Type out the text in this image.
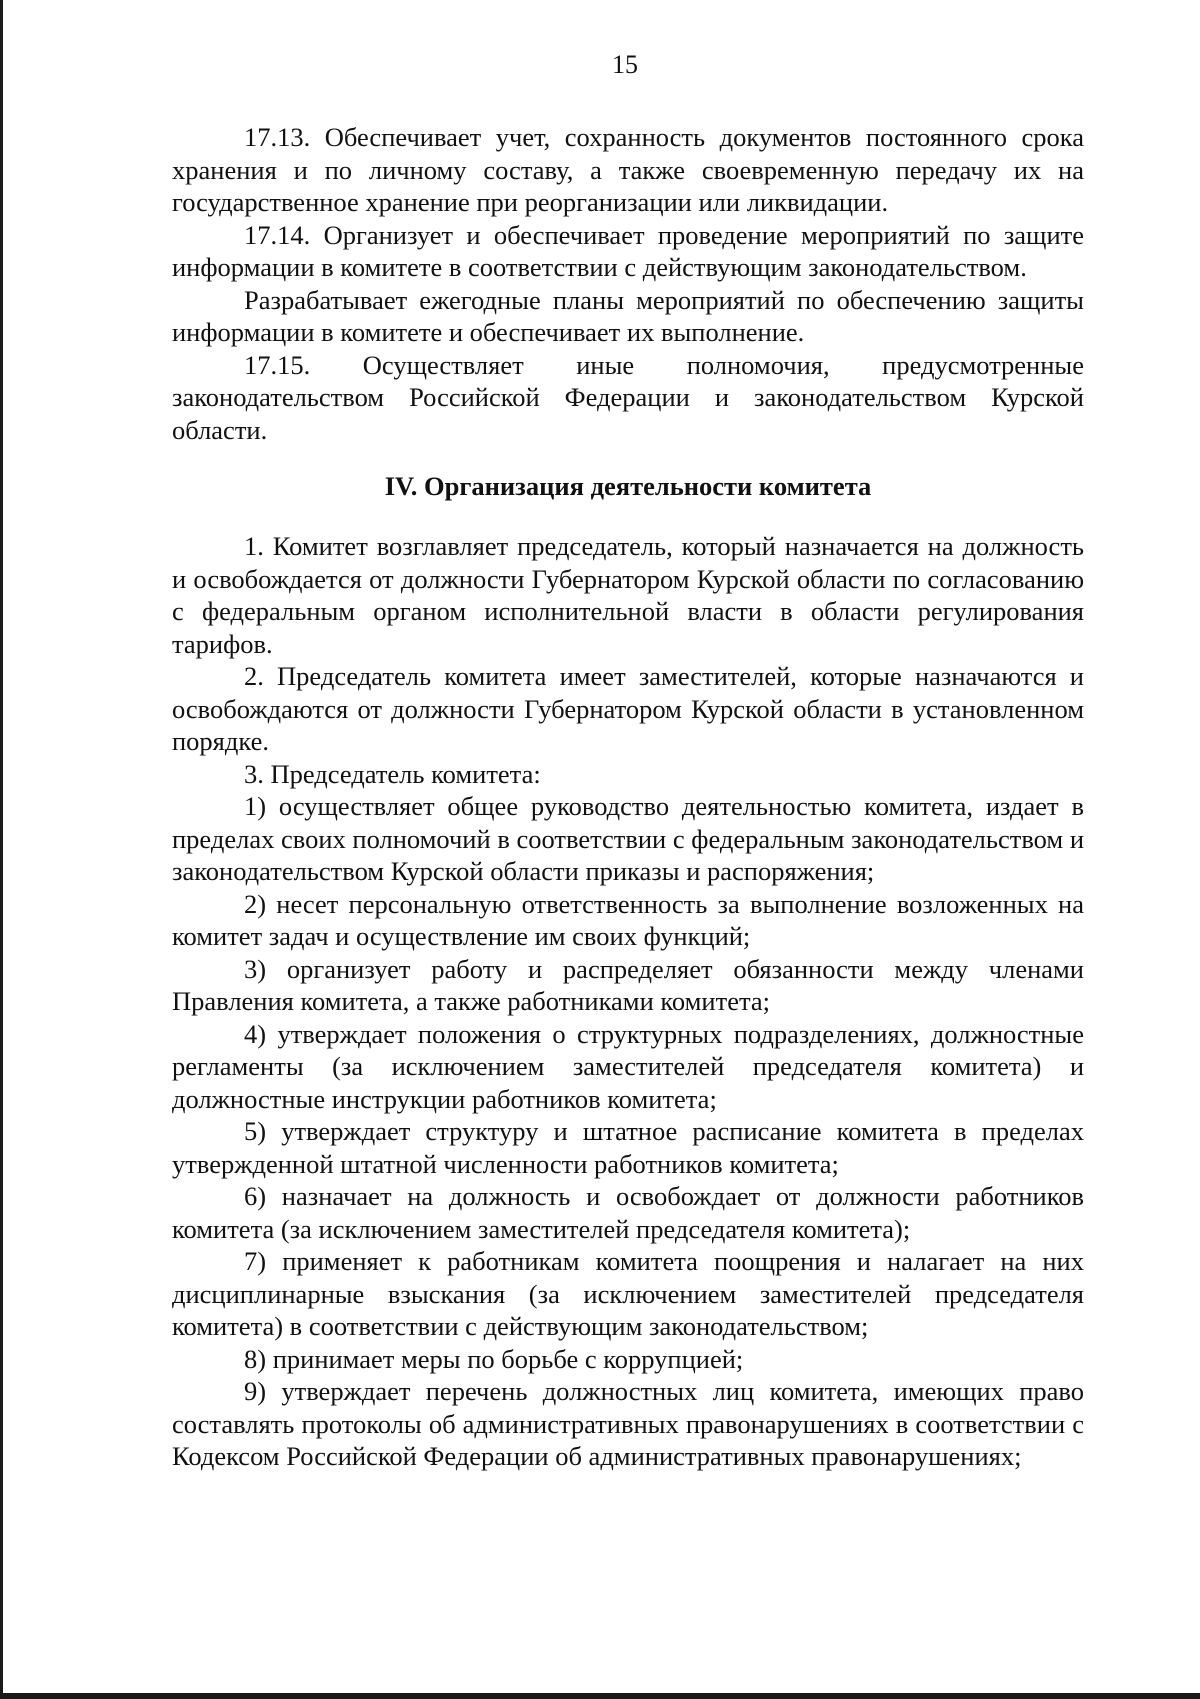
15

17.13. Обеспечивает учет, сохранность документов постоянного срока хранения и по личному составу, а также своевременную передачу их на государственное хранение при реорганизации или ликвидации.

17.14. Организует и обеспечивает проведение мероприятий по защите информации в комитете в соответствии с действующим законодательством.

Разрабатывает ежегодные планы мероприятий по обеспечению защиты информации в комитете и обеспечивает их выполнение.

17.15. Осуществляет иные полномочия, предусмотренные законодательством Российской Федерации и законодательством Курской области.

IV. Организация деятельности комитета

1. Комитет возглавляет председатель, который назначается на должность и освобождается от должности Губернатором Курской области по согласованию с федеральным органом исполнительной власти в области регулирования тарифов.

2. Председатель комитета имеет заместителей, которые назначаются и освобождаются от должности Губернатором Курской области в установленном порядке.

3. Председатель комитета:

1) осуществляет общее руководство деятельностью комитета, издает в пределах своих полномочий в соответствии с федеральным законодательством и законодательством Курской области приказы и распоряжения;

2) несет персональную ответственность за выполнение возложенных на комитет задач и осуществление им своих функций;

3) организует работу и распределяет обязанности между членами Правления комитета, а также работниками комитета;

4) утверждает положения о структурных подразделениях, должностные регламенты (за исключением заместителей председателя комитета) и должностные инструкции работников комитета;

5) утверждает структуру и штатное расписание комитета в пределах утвержденной штатной численности работников комитета;

6) назначает на должность и освобождает от должности работников комитета (за исключением заместителей председателя комитета);

7) применяет к работникам комитета поощрения и налагает на них дисциплинарные взыскания (за исключением заместителей председателя комитета) в соответствии с действующим законодательством;

8) принимает меры по борьбе с коррупцией;

9) утверждает перечень должностных лиц комитета, имеющих право составлять протоколы об административных правонарушениях в соответствии с Кодексом Российской Федерации об административных правонарушениях;
